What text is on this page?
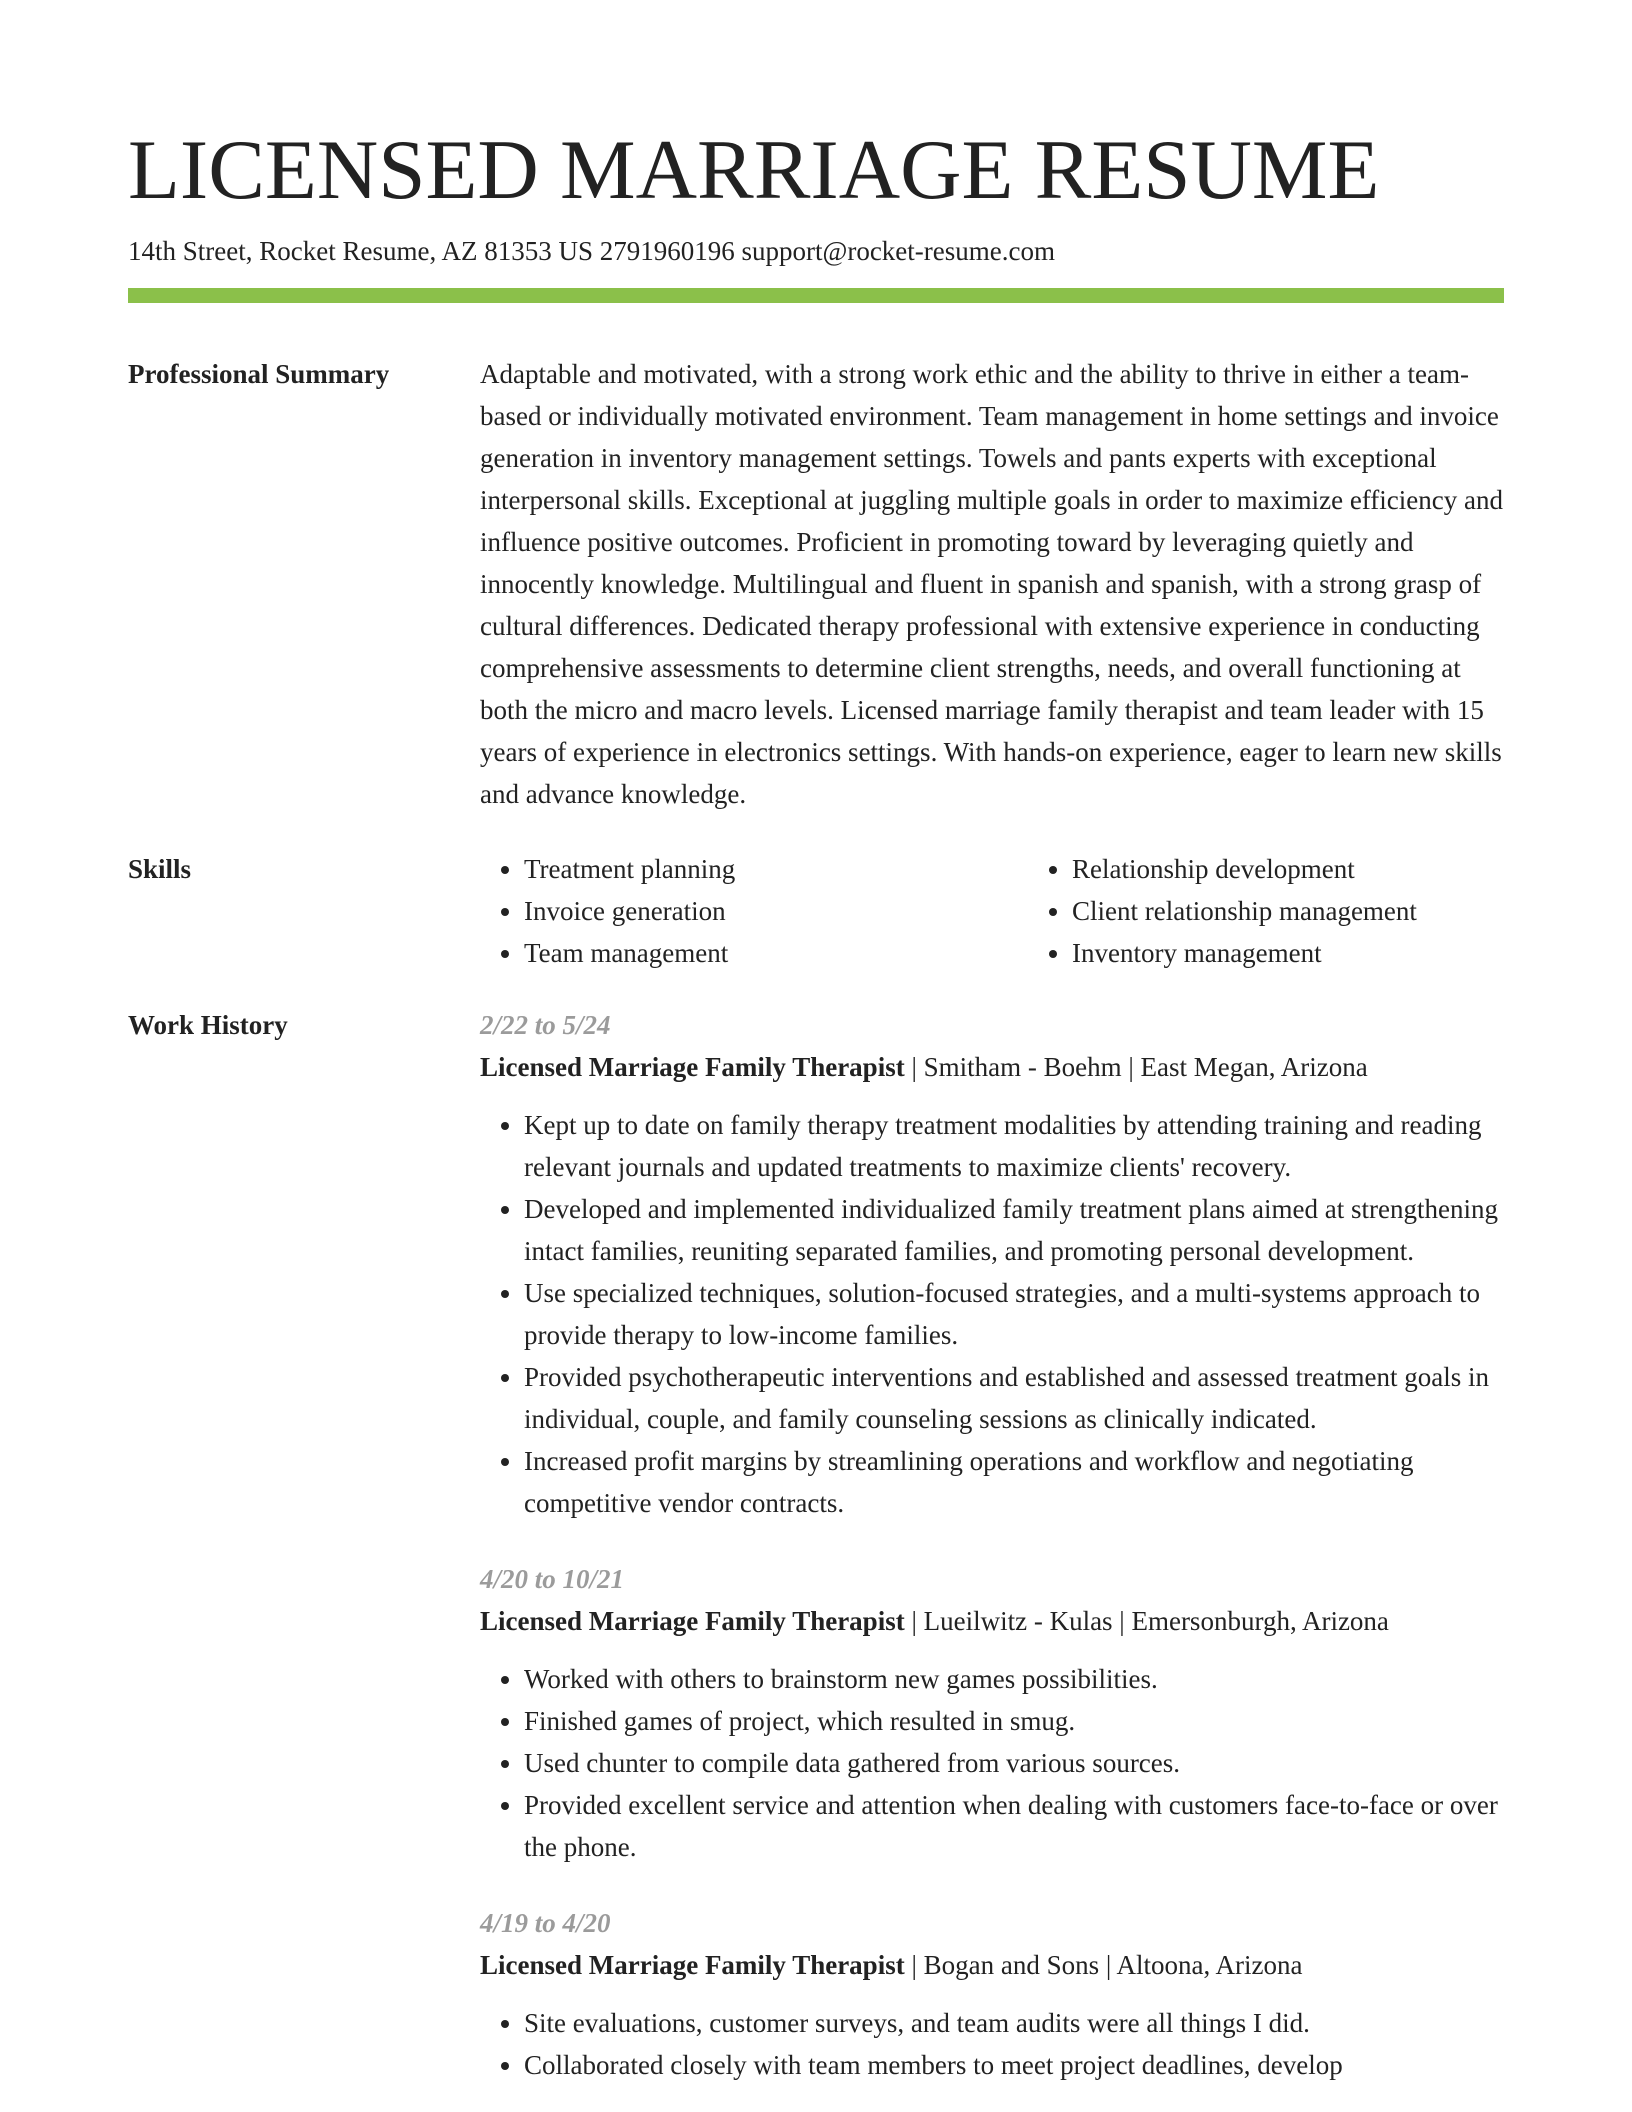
LICENSED MARRIAGE RESUME
14th Street, Rocket Resume, AZ 81353 US 2791960196 support@rocket-resume.com
Professional Summary	Adaptable and motivated, with a strong work ethic and the ability to thrive in either a team-based or individually motivated environment. Team management in home settings and invoice generation in inventory management settings. Towels and pants experts with exceptional interpersonal skills. Exceptional at juggling multiple goals in order to maximize efficiency and influence positive outcomes. Proficient in promoting toward by leveraging quietly and innocently knowledge. Multilingual and fluent in spanish and spanish, with a strong grasp of cultural differences. Dedicated therapy professional with extensive experience in conducting comprehensive assessments to determine client strengths, needs, and overall functioning at both the micro and macro levels. Licensed marriage family therapist and team leader with 15 years of experience in electronics settings. With hands-on experience, eager to learn new skills and advance knowledge.

Skills
•	Treatment planning
• Invoice generation
• Team management
• Relationship development
• Client relationship management
• Inventory management
Work History	2/22 to 5/24

Licensed Marriage Family Therapist | Smitham - Boehm | East Megan, Arizona

• Kept up to date on family therapy treatment modalities by attending training and reading relevant journals and updated treatments to maximize clients' recovery.
• Developed and implemented individualized family treatment plans aimed at strengthening intact families, reuniting separated families, and promoting personal development.
• Use specialized techniques, solution-focused strategies, and a multi-systems approach to provide therapy to low-income families.
• Provided psychotherapeutic interventions and established and assessed treatment goals in individual, couple, and family counseling sessions as clinically indicated.
• Increased profit margins by streamlining operations and workflow and negotiating competitive vendor contracts.
4/20 to 10/21

Licensed Marriage Family Therapist | Lueilwitz - Kulas | Emersonburgh, Arizona

• Worked with others to brainstorm new games possibilities.
• Finished games of project, which resulted in smug.
• Used chunter to compile data gathered from various sources.
• Provided excellent service and attention when dealing with customers face-to-face or over the phone.
4/19 to 4/20

Licensed Marriage Family Therapist | Bogan and Sons | Altoona, Arizona

• Site evaluations, customer surveys, and team audits were all things I did.
• Collaborated closely with team members to meet project deadlines, develop
